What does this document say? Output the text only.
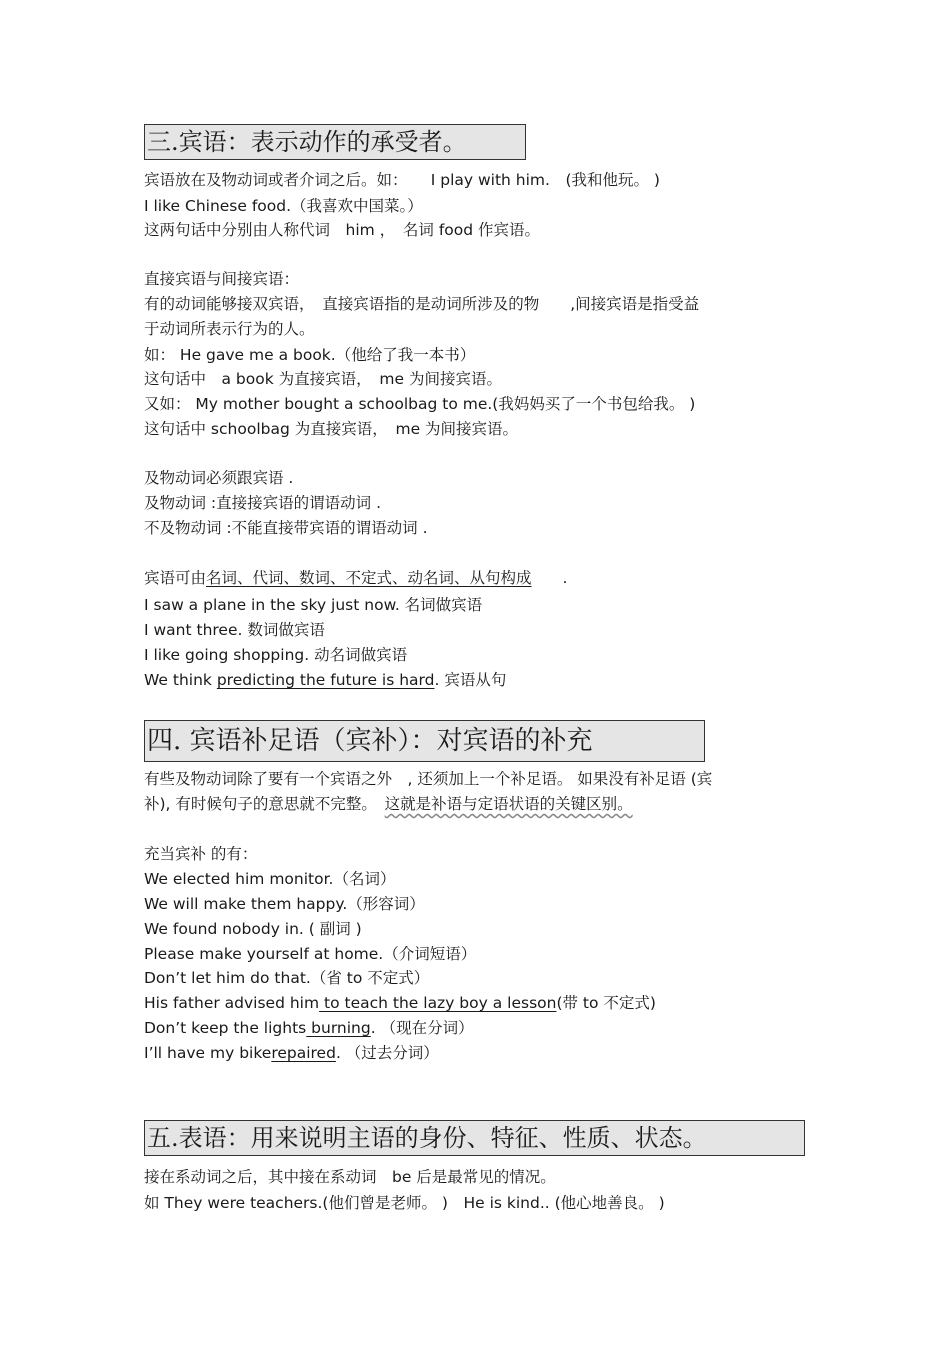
三.宾语：表示动作的承受者。
宾语放在及物动词或者介词之后。如：　　I play with him.　(我和他玩。 )
I like Chinese food.（我喜欢中国菜。）
这两句话中分别由人称代词　him ，　名词 food 作宾语。
直接宾语与间接宾语：
有的动词能够接双宾语，　直接宾语指的是动词所涉及的物　　,间接宾语是指受益
于动词所表示行为的人。
如： He gave me a book.（他给了我一本书）
这句话中　a book 为直接宾语，　me 为间接宾语。
又如： My mother bought a schoolbag to me.(我妈妈买了一个书包给我。 )
这句话中 schoolbag 为直接宾语，　me 为间接宾语。
及物动词必须跟宾语 .
及物动词 :直接接宾语的谓语动词 .
不及物动词 :不能直接带宾语的谓语动词 .
宾语可由名词、代词、数词、不定式、动名词、从句构成　　.
I saw a plane in the sky just now. 名词做宾语
I want three. 数词做宾语
I like going shopping. 动名词做宾语
We think predicting the future is hard. 宾语从句
四. 宾语补足语（宾补）：对宾语的补充
有些及物动词除了要有一个宾语之外　, 还须加上一个补足语。 如果没有补足语 (宾
补), 有时候句子的意思就不完整。　这就是补语与定语状语的关键区别。
充当宾补 的有：
We elected him monitor.（名词）
We will make them happy.（形容词）
We found nobody in. ( 副词 )
Please make yourself at home.（介词短语）
Don’t let him do that.（省 to 不定式）
His father advised him to teach the lazy boy a lesson(带 to 不定式)
Don’t keep the lights burning. （现在分词）
I’ll have my bikerepaired. （过去分词）
五.表语：用来说明主语的身份、特征、性质、状态。
接在系动词之后，其中接在系动词　be 后是最常见的情况。
如 They were teachers.(他们曾是老师。 )　He is kind.. (他心地善良。 )
